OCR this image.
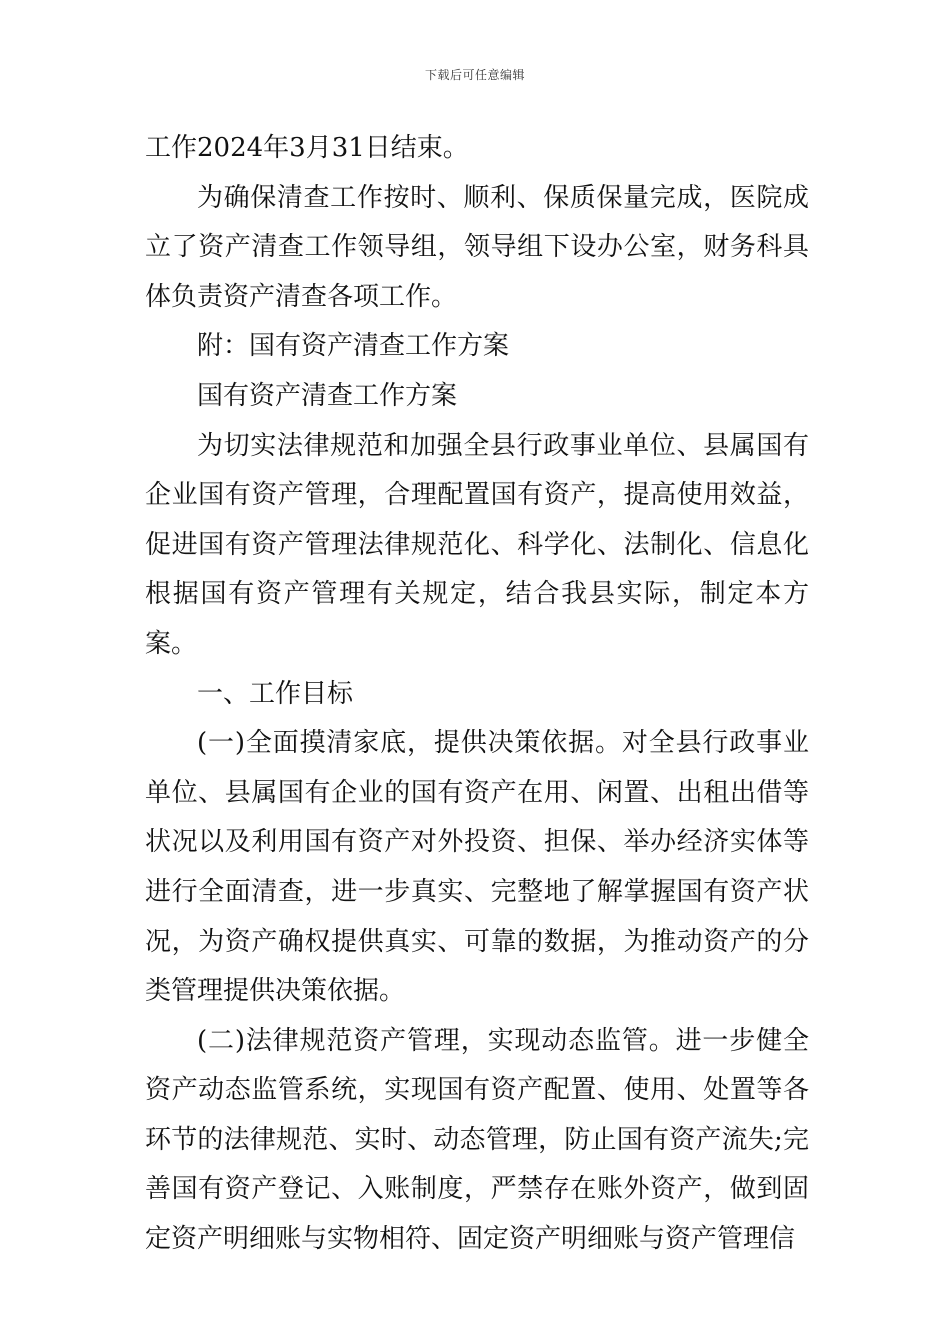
下载后可任意编辑

工作2024年3月31日结束。

为确保清查工作按时、顺利、保质保量完成，医院成立了资产清查工作领导组，领导组下设办公室，财务科具体负责资产清查各项工作。

附：国有资产清查工作方案

国有资产清查工作方案

为切实法律规范和加强全县行政事业单位、县属国有企业国有资产管理，合理配置国有资产，提高使用效益，促进国有资产管理法律规范化、科学化、法制化、信息化根据国有资产管理有关规定，结合我县实际，制定本方案。

一、工作目标

(一)全面摸清家底，提供决策依据。对全县行政事业单位、县属国有企业的国有资产在用、闲置、出租出借等状况以及利用国有资产对外投资、担保、举办经济实体等进行全面清查，进一步真实、完整地了解掌握国有资产状况，为资产确权提供真实、可靠的数据，为推动资产的分类管理提供决策依据。

(二)法律规范资产管理，实现动态监管。进一步健全资产动态监管系统，实现国有资产配置、使用、处置等各环节的法律规范、实时、动态管理，防止国有资产流失;完善国有资产登记、入账制度，严禁存在账外资产，做到固定资产明细账与实物相符、固定资产明细账与资产管理信
